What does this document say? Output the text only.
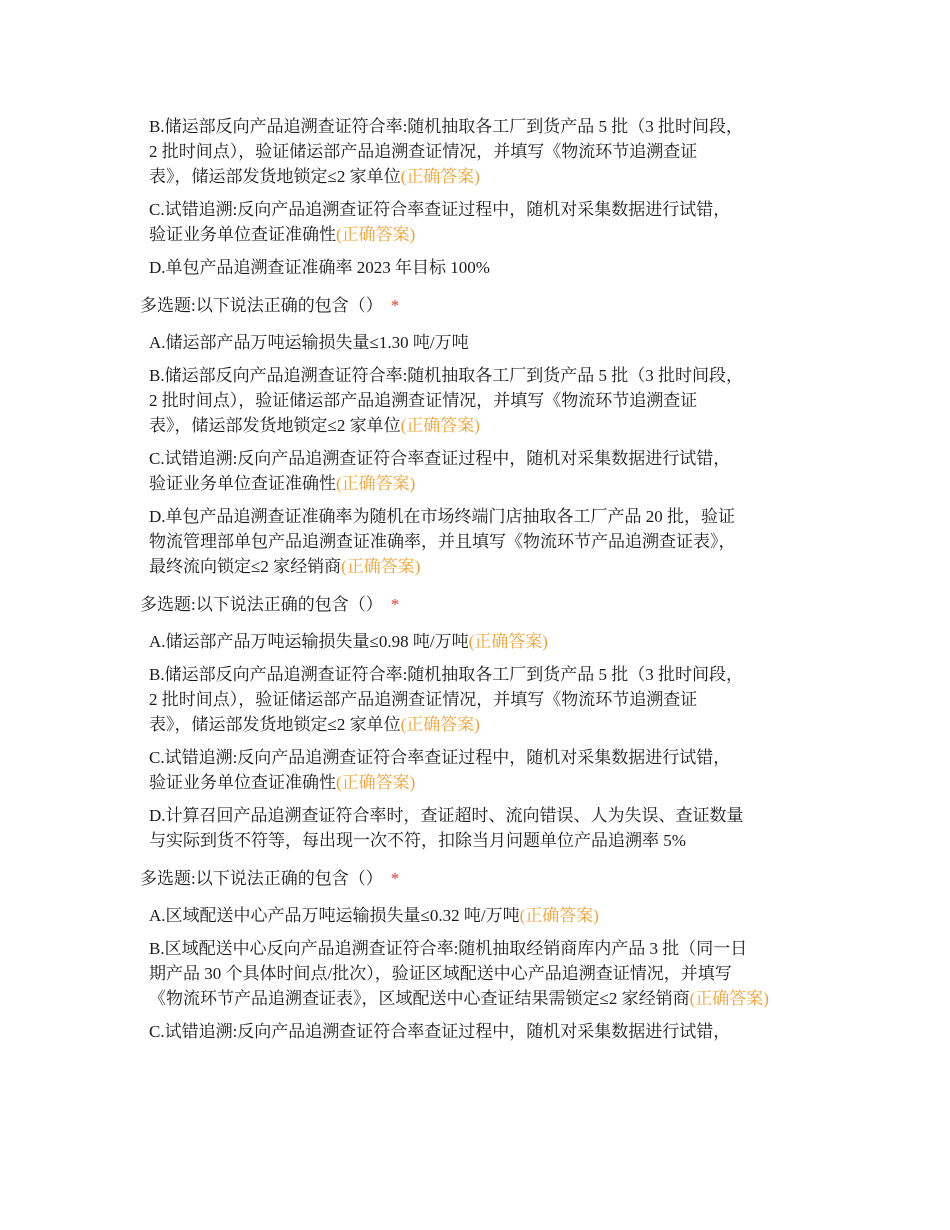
B.储运部反向产品追溯查证符合率:随机抽取各工厂到货产品 5 批（3 批时间段，
2 批时间点），验证储运部产品追溯查证情况，并填写《物流环节追溯查证
表》，储运部发货地锁定≤2 家单位(正确答案)
C.试错追溯:反向产品追溯查证符合率查证过程中，随机对采集数据进行试错，
验证业务单位查证准确性(正确答案)
D.单包产品追溯查证准确率 2023 年目标 100%
多选题:以下说法正确的包含（） *
A.储运部产品万吨运输损失量≤1.30 吨/万吨
B.储运部反向产品追溯查证符合率:随机抽取各工厂到货产品 5 批（3 批时间段，
2 批时间点），验证储运部产品追溯查证情况，并填写《物流环节追溯查证
表》，储运部发货地锁定≤2 家单位(正确答案)
C.试错追溯:反向产品追溯查证符合率查证过程中，随机对采集数据进行试错，
验证业务单位查证准确性(正确答案)
D.单包产品追溯查证准确率为随机在市场终端门店抽取各工厂产品 20 批，验证
物流管理部单包产品追溯查证准确率，并且填写《物流环节产品追溯查证表》，
最终流向锁定≤2 家经销商(正确答案)
多选题:以下说法正确的包含（） *
A.储运部产品万吨运输损失量≤0.98 吨/万吨(正确答案)
B.储运部反向产品追溯查证符合率:随机抽取各工厂到货产品 5 批（3 批时间段，
2 批时间点），验证储运部产品追溯查证情况，并填写《物流环节追溯查证
表》，储运部发货地锁定≤2 家单位(正确答案)
C.试错追溯:反向产品追溯查证符合率查证过程中，随机对采集数据进行试错，
验证业务单位查证准确性(正确答案)
D.计算召回产品追溯查证符合率时，查证超时、流向错误、人为失误、查证数量
与实际到货不符等，每出现一次不符，扣除当月问题单位产品追溯率 5%
多选题:以下说法正确的包含（） *
A.区域配送中心产品万吨运输损失量≤0.32 吨/万吨(正确答案)
B.区域配送中心反向产品追溯查证符合率:随机抽取经销商库内产品 3 批（同一日
期产品 30 个具体时间点/批次），验证区域配送中心产品追溯查证情况，并填写
《物流环节产品追溯查证表》，区域配送中心查证结果需锁定≤2 家经销商(正确答案)
C.试错追溯:反向产品追溯查证符合率查证过程中，随机对采集数据进行试错，
